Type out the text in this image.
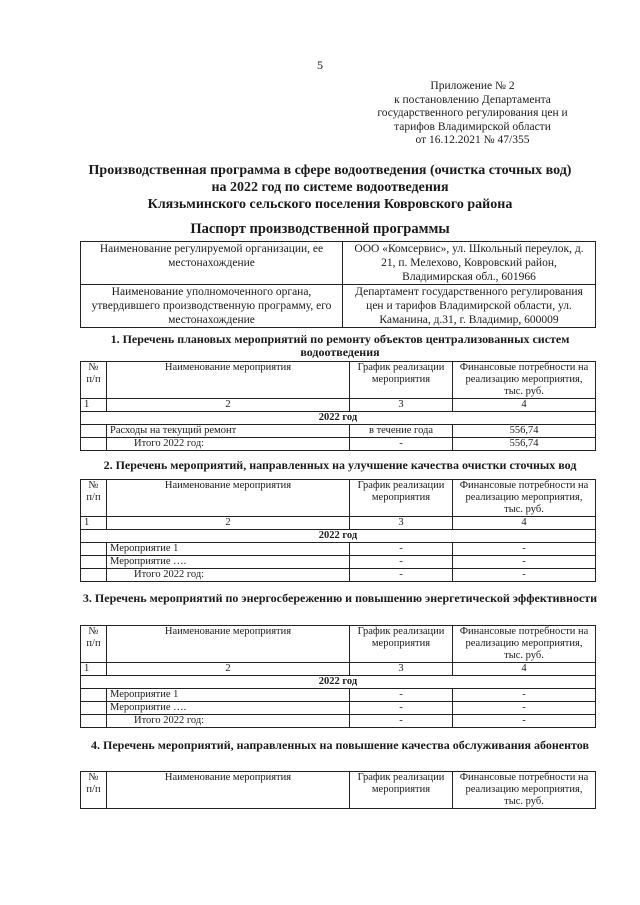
5
Приложение № 2
к постановлению Департамента
государственного регулирования цен и
тарифов Владимирской области
от 16.12.2021 № 47/355
Производственная программа в сфере водоотведения (очистка сточных вод)
на 2022 год по системе водоотведения
Клязьминского сельского поселения Ковровского района
Паспорт производственной программы
Наименование регулируемой организации, ее местонахождение	ООО «Комсервис», ул. Школьный переулок, д. 21, п. Мелехово, Ковровский район, Владимирская обл., 601966
Наименование уполномоченного органа, утвердившего производственную программу, его местонахождение	Департамент государственного регулирования цен и тарифов Владимирской области, ул. Каманина, д.31, г. Владимир, 600009
1. Перечень плановых мероприятий по ремонту объектов централизованных систем водоотведения
№ п/п	Наименование мероприятия	График реализации мероприятия	Финансовые потребности на реализацию мероприятия, тыс. руб.
1	2	3	4
2022 год			
	Расходы на текущий ремонт	в течение года	556,74
	Итого 2022 год:	-	556,74
2. Перечень мероприятий, направленных на улучшение качества очистки сточных вод
№ п/п	Наименование мероприятия	График реализации мероприятия	Финансовые потребности на реализацию мероприятия, тыс. руб.
1	2	3	4
2022 год			
	Мероприятие 1	-	-
	Мероприятие ….	-	-
	Итого 2022 год:	-	-
3. Перечень мероприятий по энергосбережению и повышению энергетической эффективности
№ п/п	Наименование мероприятия	График реализации мероприятия	Финансовые потребности на реализацию мероприятия, тыс. руб.
1	2	3	4
2022 год			
	Мероприятие 1	-	-
	Мероприятие ….	-	-
	Итого 2022 год:	-	-
4. Перечень мероприятий, направленных на повышение качества обслуживания абонентов
№ п/п	Наименование мероприятия	График реализации мероприятия	Финансовые потребности на реализацию мероприятия, тыс. руб.
